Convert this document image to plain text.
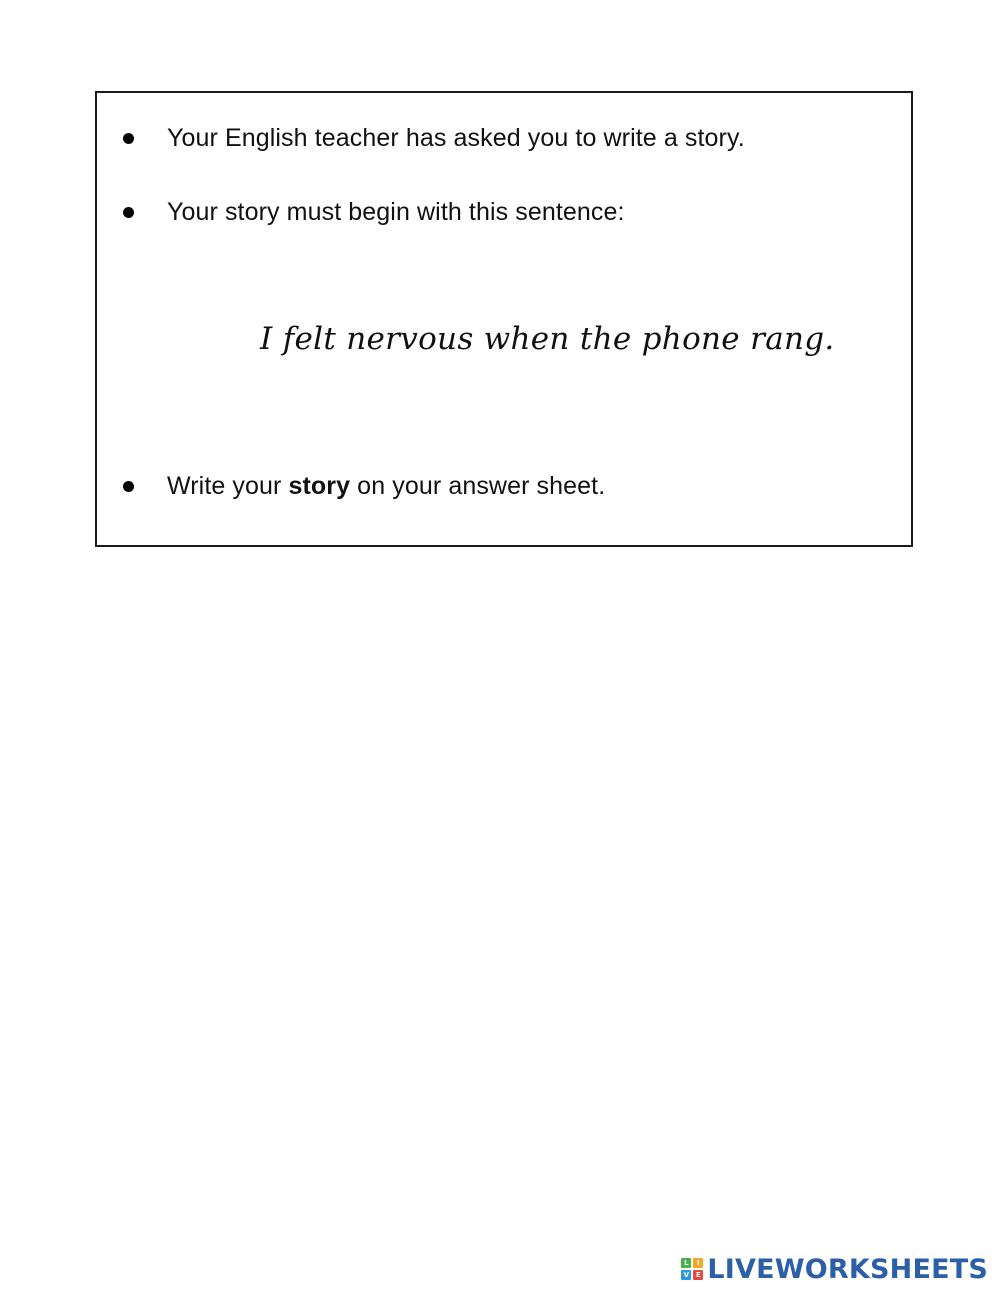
Your English teacher has asked you to write a story.
Your story must begin with this sentence:
I felt nervous when the phone rang.
Write your story on your answer sheet.
L	I
V E LIVEWORKSHEETS
